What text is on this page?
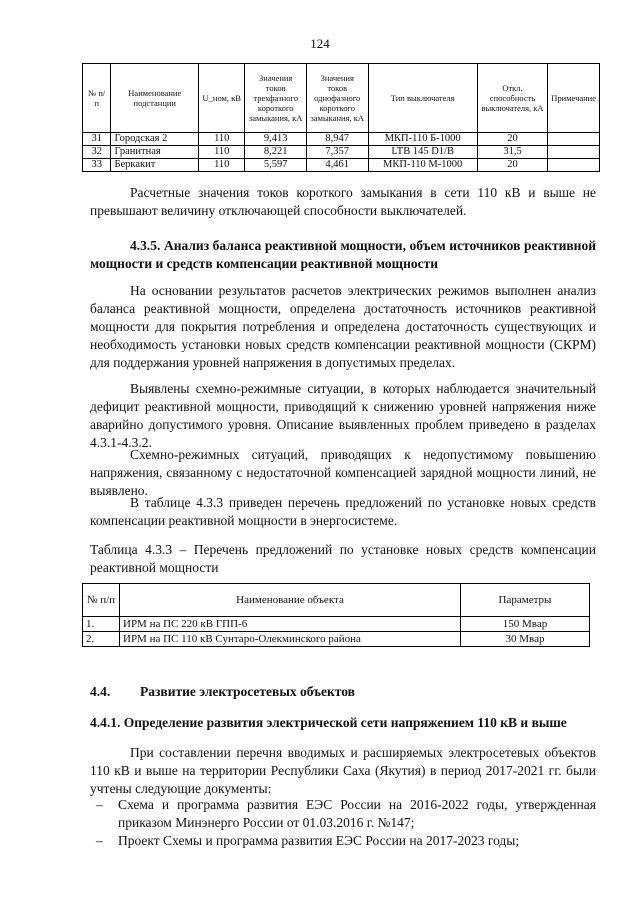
124
№ п/п	Наименование подстанции	U_ном, кВ	Значения токов трехфазного короткого замыкания, кА	Значения токов однофазного короткого замыкания, кА	Тип выключателя	Откл. способность выключателя, кА	Примечание
31	Городская 2	110	9,413	8,947	МКП-110 Б-1000	20	
32	Гранитная	110	8,221	7,357	LTB 145 D1/B	31,5	
33	Беркакит	110	5,597	4,461	МКП-110 М-1000	20	

Расчетные значения токов короткого замыкания в сети 110 кВ и выше не превышают величину отключающей способности выключателей.

4.3.5. Анализ баланса реактивной мощности, объем источников реактивной мощности и средств компенсации реактивной мощности

На основании результатов расчетов электрических режимов выполнен анализ баланса реактивной мощности, определена достаточность источников реактивной мощности для покрытия потребления и определена достаточность существующих и необходимость установки новых средств компенсации реактивной мощности (СКРМ) для поддержания уровней напряжения в допустимых пределах.

Выявлены схемно-режимные ситуации, в которых наблюдается значительный дефицит реактивной мощности, приводящий к снижению уровней напряжения ниже аварийно допустимого уровня. Описание выявленных проблем приведено в разделах 4.3.1-4.3.2.

Схемно-режимных ситуаций, приводящих к недопустимому повышению напряжения, связанному с недостаточной компенсацией зарядной мощности линий, не выявлено.

В таблице 4.3.3 приведен перечень предложений по установке новых средств компенсации реактивной мощности в энергосистеме.

Таблица 4.3.3 – Перечень предложений по установке новых средств компенсации реактивной мощности

№ п/п	Наименование объекта	Параметры
1.	ИРМ на ПС 220 кВ ГПП-6	150 Мвар
2.	ИРМ на ПС 110 кВ Сунтаро-Олекминского района	30 Мвар

4.4. Развитие электросетевых объектов

4.4.1. Определение развития электрической сети напряжением 110 кВ и выше

При составлении перечня вводимых и расширяемых электросетевых объектов 110 кВ и выше на территории Республики Саха (Якутия) в период 2017-2021 гг. были учтены следующие документы:

– Схема и программа развития ЕЭС России на 2016-2022 годы, утвержденная приказом Минэнерго России от 01.03.2016 г. №147;

– Проект Схемы и программа развития ЕЭС России на 2017-2023 годы;
